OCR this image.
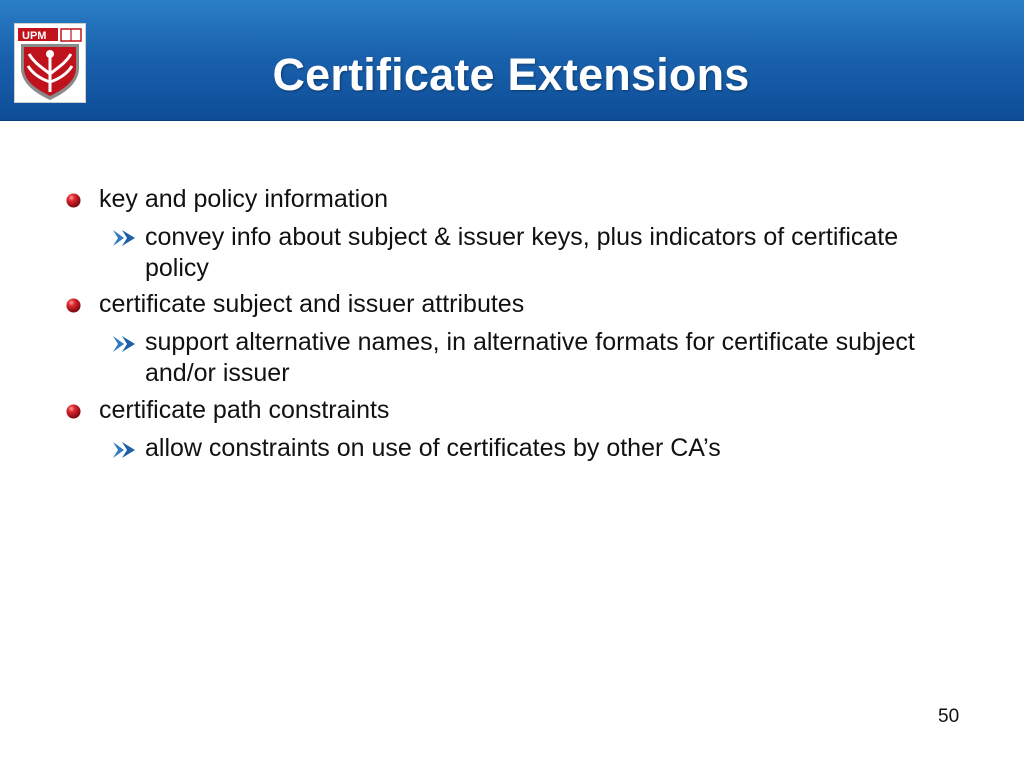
UPM
Certificate Extensions
key and policy information
convey info about subject & issuer keys, plus indicators of certificate policy
certificate subject and issuer attributes
support alternative names, in alternative formats for certificate subject and/or issuer
certificate path constraints
allow constraints on use of certificates by other CA’s
50
